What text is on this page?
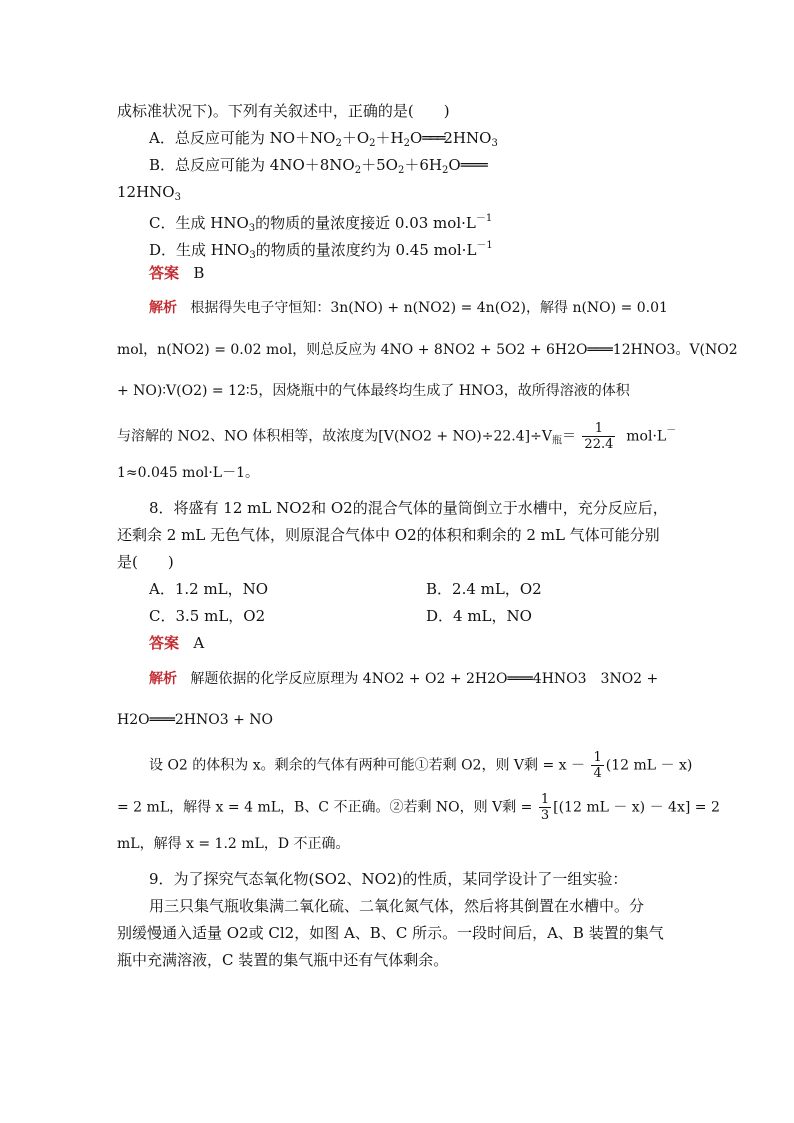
成标准状况下)。下列有关叙述中，正确的是(　　)
A．总反应可能为 $NO+NO_2+O_2+H_2O═══2HNO_3$
B．总反应可能为 $4NO+8NO_2+5O_2+6H_2O═══$
$12HNO_3$
C．生成 $HNO_3$的物质的量浓度接近 0.03 $mol\cdot L^{-1}$
D．生成 $HNO_3$的物质的量浓度约为 0.45 $mol\cdot L^{-1}$
答案 B
解析 根据得失电子守恒知：3n(NO) + n(NO2) = 4n(O2)，解得 n(NO) = 0.01
mol，n(NO2) = 0.02 mol，则总反应为 4NO + 8NO2 + 5O2 + 6H2O═══12HNO3。V(NO2
+ NO)∶V(O2) = 12∶5，因烧瓶中的气体最终均生成了 HNO3，故所得溶液的体积
与溶解的 NO2、NO 体积相等，故浓度为$[V(NO2 + NO)\div 22.4]\div V_瓶= \frac{1}{22.4} mol\cdot L^-$
1≈0.045 mol·L－1。
8．将盛有 12 mL NO2和 O2的混合气体的量筒倒立于水槽中，充分反应后，
还剩余 2 mL 无色气体，则原混合气体中 O2的体积和剩余的 2 mL 气体可能分别
是(　　)
A．1.2 mL，NO	B．2.4 mL，O2
C．3.5 mL，O2	D．4 mL，NO
答案 A
解析 解题依据的化学反应原理为 4NO2 + O2 + 2H2O═══4HNO3　3NO2 +
H2O═══2HNO3 + NO
设 O2 的体积为 x。剩余的气体有两种可能①若剩 O2，则 V剩 = $x - \frac{1}{4} (12$ mL － x)
= 2 mL，解得 x = 4 mL，B、C 不正确。②若剩 NO，则 V剩 = $\frac{1}{3} [(12$ mL － x) － 4x] = 2
mL，解得 x = 1.2 mL，D 不正确。
9．为了探究气态氧化物(SO2、NO2)的性质，某同学设计了一组实验：
用三只集气瓶收集满二氧化硫、二氧化氮气体，然后将其倒置在水槽中。分
别缓慢通入适量 O2或 Cl2，如图 A、B、C 所示。一段时间后，A、B 装置的集气
瓶中充满溶液，C 装置的集气瓶中还有气体剩余。
